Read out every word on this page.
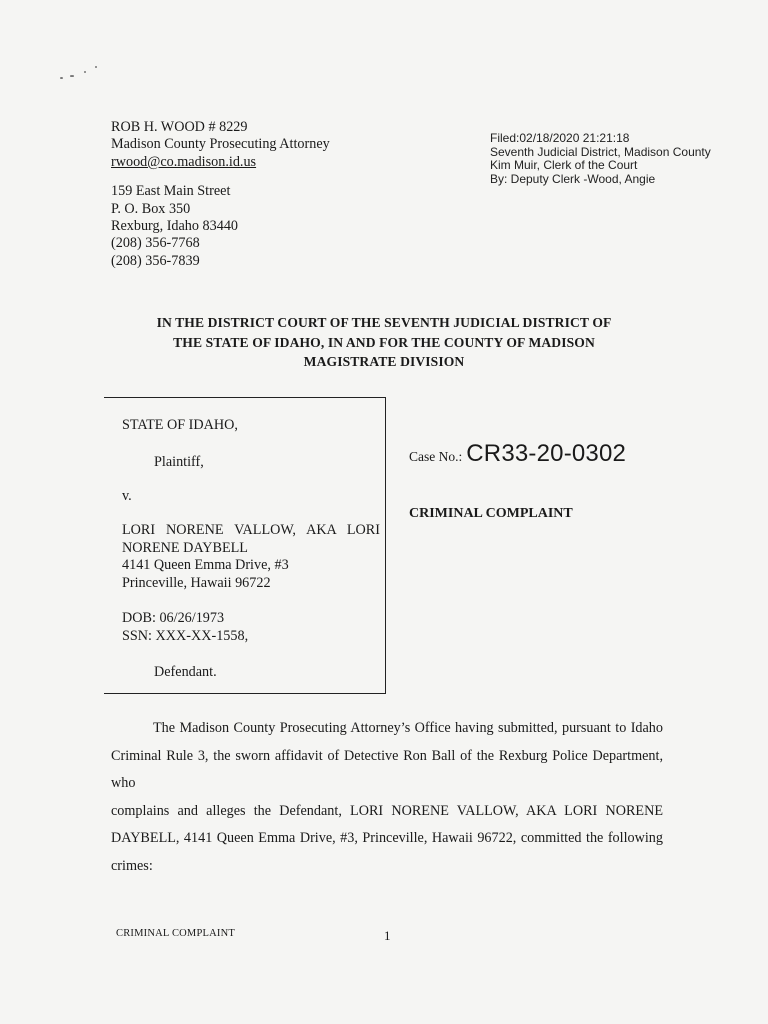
ROB H. WOOD # 8229
Madison County Prosecuting Attorney
rwood@co.madison.id.us
159 East Main Street
P. O. Box 350
Rexburg, Idaho 83440
(208) 356-7768
(208) 356-7839
Filed:02/18/2020 21:21:18
Seventh Judicial District, Madison County
Kim Muir, Clerk of the Court
By: Deputy Clerk -Wood, Angie
IN THE DISTRICT COURT OF THE SEVENTH JUDICIAL DISTRICT OF
THE STATE OF IDAHO, IN AND FOR THE COUNTY OF MADISON
MAGISTRATE DIVISION
STATE OF IDAHO,
Plaintiff,
v.
LORI NORENE VALLOW, AKA LORI
NORENE DAYBELL
4141 Queen Emma Drive, #3
Princeville, Hawaii 96722
DOB: 06/26/1973
SSN: XXX-XX-1558,
Defendant.
Case No.: CR33-20-0302
CRIMINAL COMPLAINT
The Madison County Prosecuting Attorney’s Office having submitted, pursuant to Idaho
Criminal Rule 3, the sworn affidavit of Detective Ron Ball of the Rexburg Police Department, who
complains and alleges the Defendant, LORI NORENE VALLOW, AKA LORI NORENE
DAYBELL, 4141 Queen Emma Drive, #3, Princeville, Hawaii 96722, committed the following
crimes:
CRIMINAL COMPLAINT	1
